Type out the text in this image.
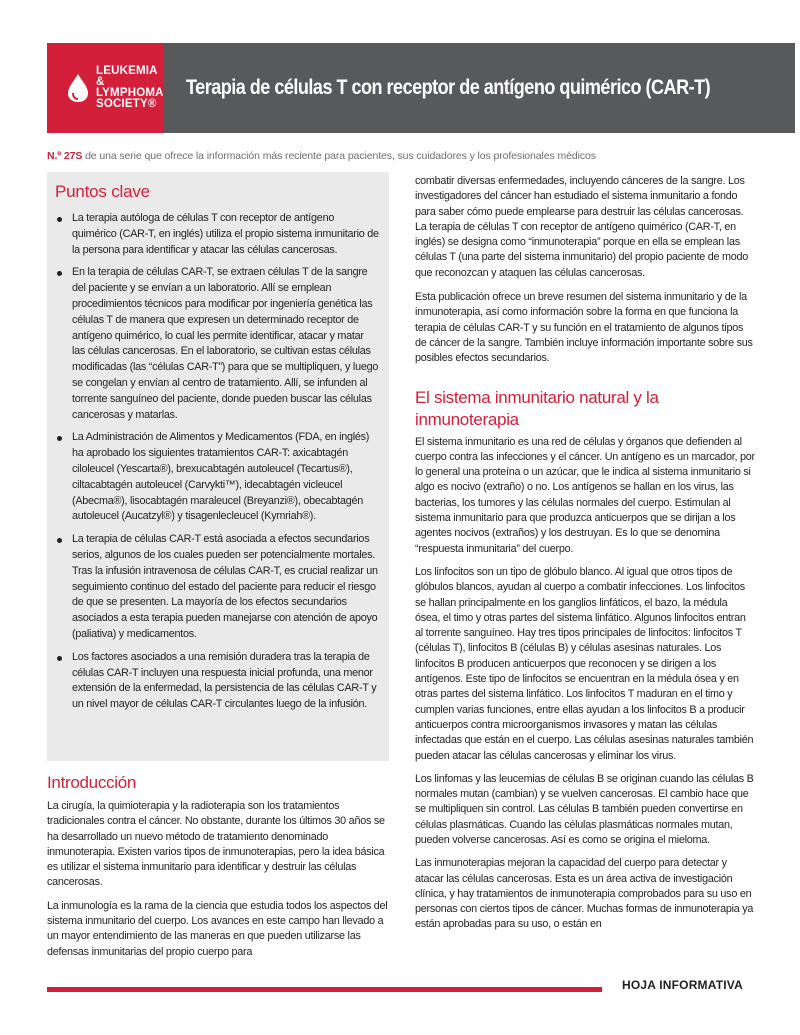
LEUKEMIA &
LYMPHOMA
SOCIETY®
Terapia de células T con receptor de antígeno quimérico (CAR-T)
N.º 27S de una serie que ofrece la información más reciente para pacientes, sus cuidadores y los profesionales médicos
Puntos clave
La terapia autóloga de células T con receptor de antígeno quimérico (CAR-T, en inglés) utiliza el propio sistema inmunitario de la persona para identificar y atacar las células cancerosas.
En la terapia de células CAR-T, se extraen células T de la sangre del paciente y se envían a un laboratorio. Allí se emplean procedimientos técnicos para modificar por ingeniería genética las células T de manera que expresen un determinado receptor de antígeno quimérico, lo cual les permite identificar, atacar y matar las células cancerosas. En el laboratorio, se cultivan estas células modificadas (las “células CAR-T”) para que se multipliquen, y luego se congelan y envían al centro de tratamiento. Allí, se infunden al torrente sanguíneo del paciente, donde pueden buscar las células cancerosas y matarlas.
La Administración de Alimentos y Medicamentos (FDA, en inglés) ha aprobado los siguientes tratamientos CAR-T: axicabtagén ciloleucel (Yescarta®), brexucabtagén autoleucel (Tecartus®), ciltacabtagén autoleucel (Carvykti™), idecabtagén vicleucel (Abecma®), lisocabtagén maraleucel (Breyanzi®), obecabtagén autoleucel (Aucatzyl®) y tisagenlecleucel (Kymriah®).
La terapia de células CAR-T está asociada a efectos secundarios serios, algunos de los cuales pueden ser potencialmente mortales. Tras la infusión intravenosa de células CAR-T, es crucial realizar un seguimiento continuo del estado del paciente para reducir el riesgo de que se presenten. La mayoría de los efectos secundarios asociados a esta terapia pueden manejarse con atención de apoyo (paliativa) y medicamentos.
Los factores asociados a una remisión duradera tras la terapia de células CAR-T incluyen una respuesta inicial profunda, una menor extensión de la enfermedad, la persistencia de las células CAR-T y un nivel mayor de células CAR-T circulantes luego de la infusión.
Introducción

La cirugía, la quimioterapia y la radioterapia son los tratamientos tradicionales contra el cáncer. No obstante, durante los últimos 30 años se ha desarrollado un nuevo método de tratamiento denominado inmunoterapia. Existen varios tipos de inmunoterapias, pero la idea básica es utilizar el sistema inmunitario para identificar y destruir las células cancerosas.

La inmunología es la rama de la ciencia que estudia todos los aspectos del sistema inmunitario del cuerpo. Los avances en este campo han llevado a un mayor entendimiento de las maneras en que pueden utilizarse las defensas inmunitarias del propio cuerpo para

combatir diversas enfermedades, incluyendo cánceres de la sangre. Los investigadores del cáncer han estudiado el sistema inmunitario a fondo para saber cómo puede emplearse para destruir las células cancerosas. La terapia de células T con receptor de antígeno quimérico (CAR-T, en inglés) se designa como “inmunoterapia” porque en ella se emplean las células T (una parte del sistema inmunitario) del propio paciente de modo que reconozcan y ataquen las células cancerosas.

Esta publicación ofrece un breve resumen del sistema inmunitario y de la inmunoterapia, así como información sobre la forma en que funciona la terapia de células CAR-T y su función en el tratamiento de algunos tipos de cáncer de la sangre. También incluye información importante sobre sus posibles efectos secundarios.

El sistema inmunitario natural y la inmunoterapia

El sistema inmunitario es una red de células y órganos que defienden al cuerpo contra las infecciones y el cáncer. Un antígeno es un marcador, por lo general una proteína o un azúcar, que le indica al sistema inmunitario si algo es nocivo (extraño) o no. Los antígenos se hallan en los virus, las bacterias, los tumores y las células normales del cuerpo. Estimulan al sistema inmunitario para que produzca anticuerpos que se dirijan a los agentes nocivos (extraños) y los destruyan. Es lo que se denomina “respuesta inmunitaria” del cuerpo.

Los linfocitos son un tipo de glóbulo blanco. Al igual que otros tipos de glóbulos blancos, ayudan al cuerpo a combatir infecciones. Los linfocitos se hallan principalmente en los ganglios linfáticos, el bazo, la médula ósea, el timo y otras partes del sistema linfático. Algunos linfocitos entran al torrente sanguíneo. Hay tres tipos principales de linfocitos: linfocitos T (células T), linfocitos B (células B) y células asesinas naturales. Los linfocitos B producen anticuerpos que reconocen y se dirigen a los antígenos. Este tipo de linfocitos se encuentran en la médula ósea y en otras partes del sistema linfático. Los linfocitos T maduran en el timo y cumplen varias funciones, entre ellas ayudan a los linfocitos B a producir anticuerpos contra microorganismos invasores y matan las células infectadas que están en el cuerpo. Las células asesinas naturales también pueden atacar las células cancerosas y eliminar los virus.

Los linfomas y las leucemias de células B se originan cuando las células B normales mutan (cambian) y se vuelven cancerosas. El cambio hace que se multipliquen sin control. Las células B también pueden convertirse en células plasmáticas. Cuando las células plasmáticas normales mutan, pueden volverse cancerosas. Así es como se origina el mieloma.

Las inmunoterapias mejoran la capacidad del cuerpo para detectar y atacar las células cancerosas. Esta es un área activa de investigación clínica, y hay tratamientos de inmunoterapia comprobados para su uso en personas con ciertos tipos de cáncer. Muchas formas de inmunoterapia ya están aprobadas para su uso, o están en

HOJA INFORMATIVA
